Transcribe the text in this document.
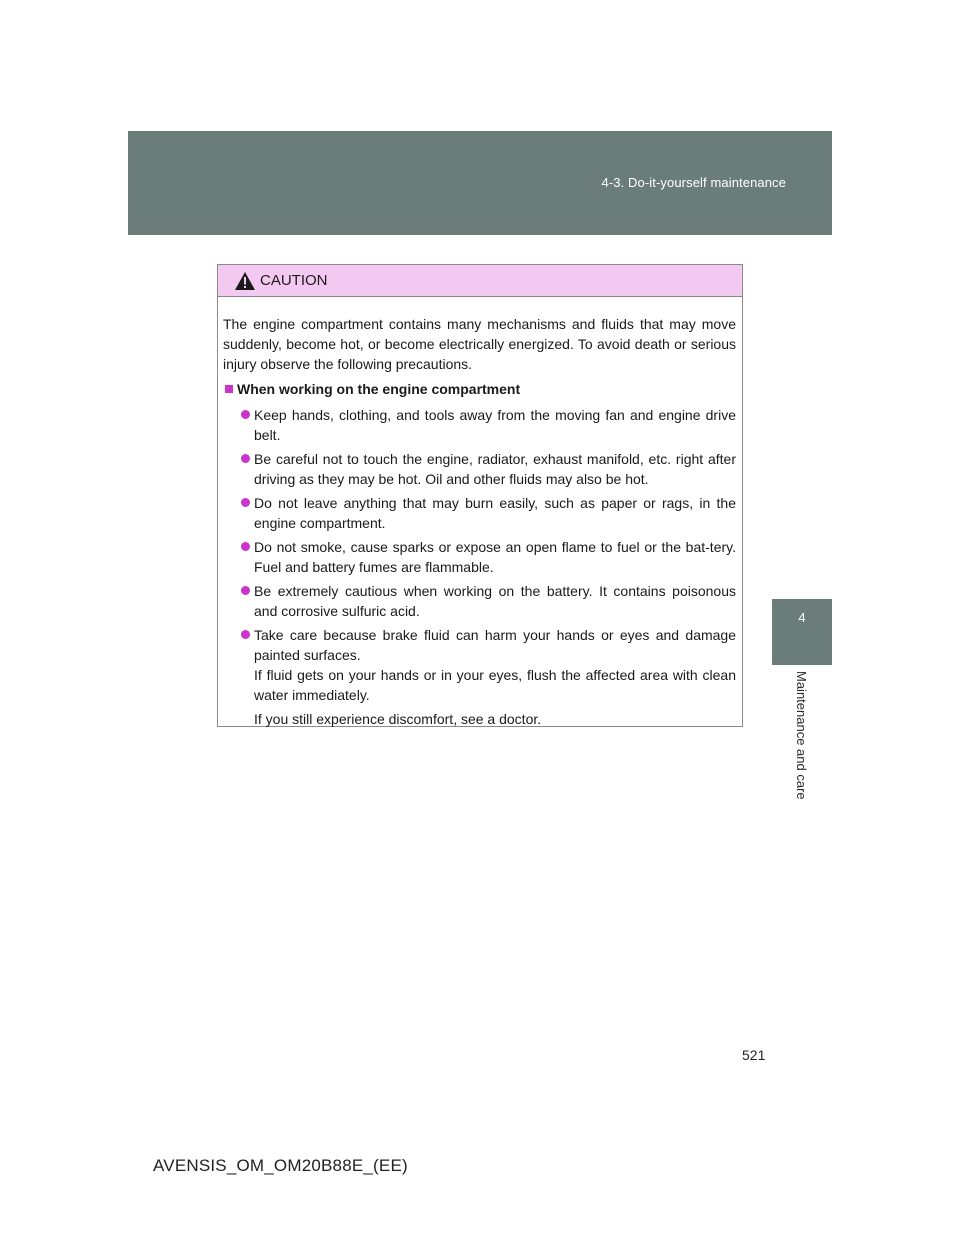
4-3. Do-it-yourself maintenance
4
Maintenance and care
CAUTION

The engine compartment contains many mechanisms and fluids that may move suddenly, become hot, or become electrically energized. To avoid death or serious injury observe the following precautions.

When working on the engine compartment

Keep hands, clothing, and tools away from the moving fan and engine drive belt.

Be careful not to touch the engine, radiator, exhaust manifold, etc. right after driving as they may be hot. Oil and other fluids may also be hot.

Do not leave anything that may burn easily, such as paper or rags, in the engine compartment.

Do not smoke, cause sparks or expose an open flame to fuel or the bat-tery. Fuel and battery fumes are flammable.

Be extremely cautious when working on the battery. It contains poisonous and corrosive sulfuric acid.

Take care because brake fluid can harm your hands or eyes and damage painted surfaces.

If fluid gets on your hands or in your eyes, flush the affected area with clean water immediately.

If you still experience discomfort, see a doctor.

521
AVENSIS_OM_OM20B88E_(EE)
